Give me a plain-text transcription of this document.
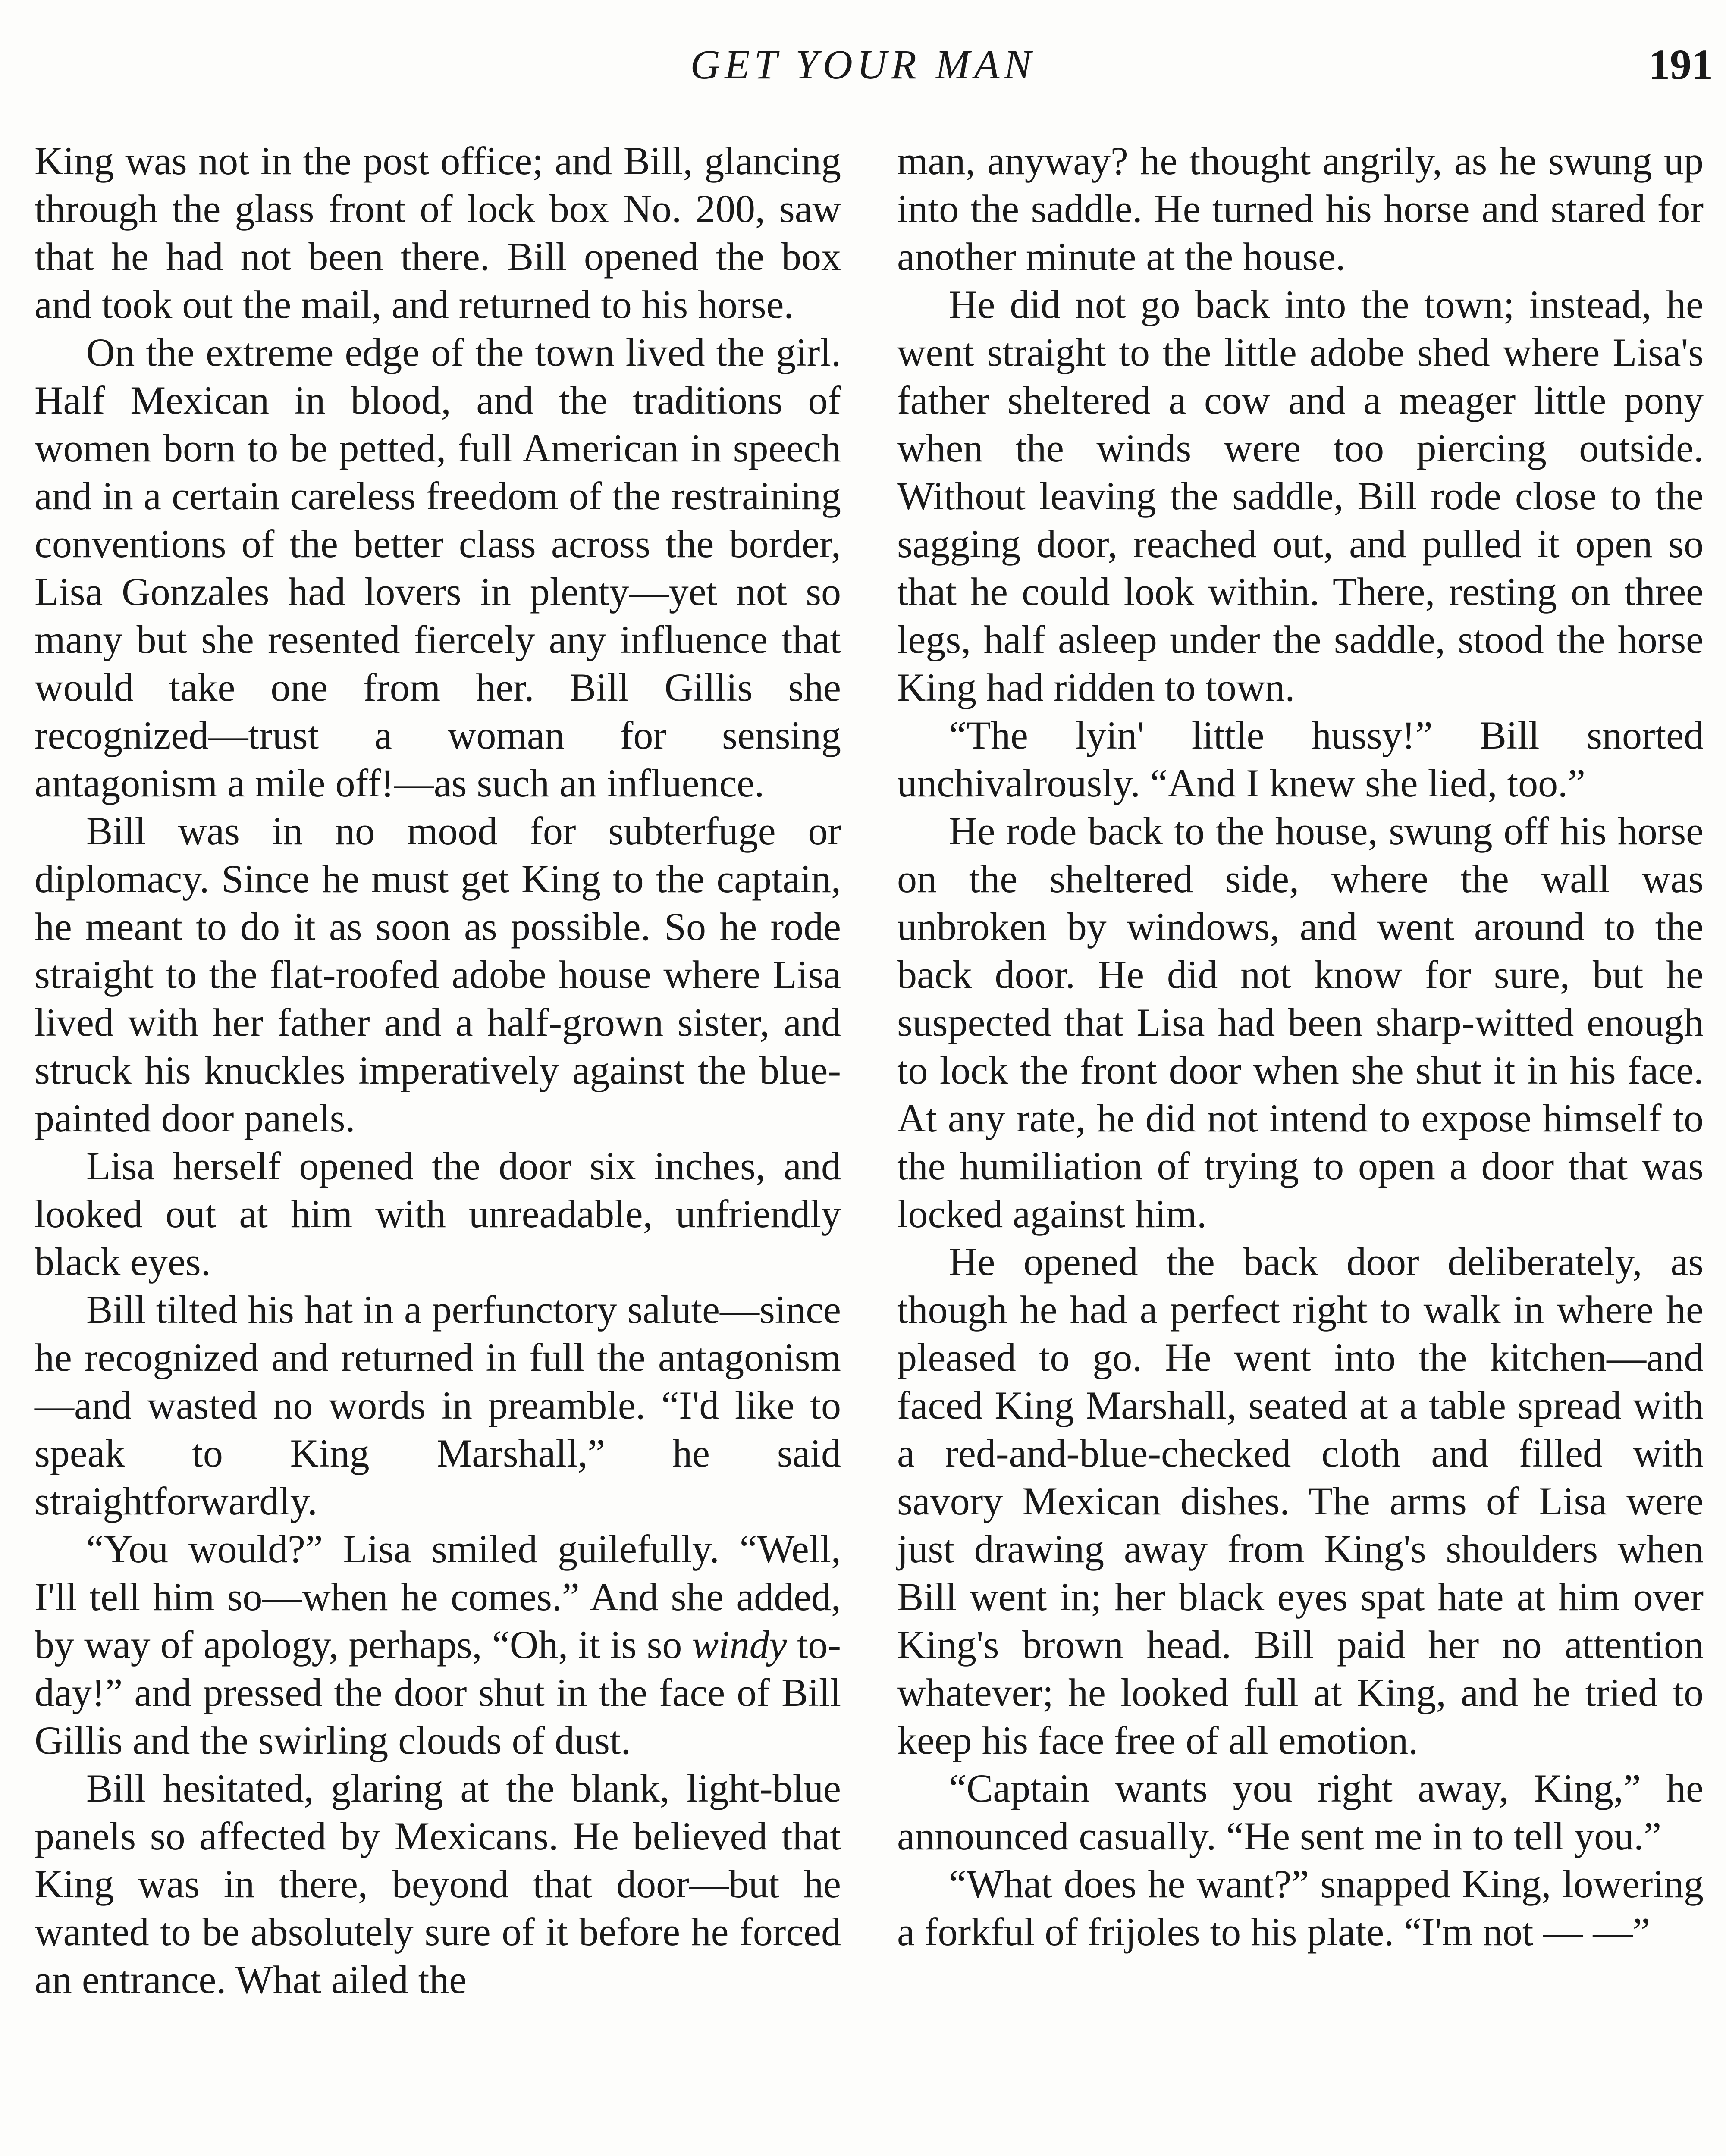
GET YOUR MAN	191

King was not in the post office; and Bill, glancing through the glass front of lock box No. 200, saw that he had not been there. Bill opened the box and took out the mail, and returned to his horse.

On the extreme edge of the town lived the girl. Half Mexican in blood, and the traditions of women born to be petted, full American in speech and in a certain careless freedom of the restraining conventions of the better class across the border, Lisa Gonzales had lovers in plenty—yet not so many but she resented fiercely any influence that would take one from her. Bill Gillis she recognized—trust a woman for sensing antagonism a mile off!—as such an influence.

Bill was in no mood for subterfuge or diplomacy. Since he must get King to the captain, he meant to do it as soon as possible. So he rode straight to the flat-roofed adobe house where Lisa lived with her father and a half-grown sister, and struck his knuckles imperatively against the blue-painted door panels.

Lisa herself opened the door six inches, and looked out at him with unreadable, unfriendly black eyes.

Bill tilted his hat in a perfunctory salute—since he recognized and returned in full the antagonism—and wasted no words in preamble. “I'd like to speak to King Marshall,” he said straightforwardly.

“You would?” Lisa smiled guilefully. “Well, I'll tell him so—when he comes.” And she added, by way of apology, perhaps, “Oh, it is so windy to-day!” and pressed the door shut in the face of Bill Gillis and the swirling clouds of dust.

Bill hesitated, glaring at the blank, light-blue panels so affected by Mexicans. He believed that King was in there, beyond that door—but he wanted to be absolutely sure of it before he forced an entrance. What ailed the

man, anyway? he thought angrily, as he swung up into the saddle. He turned his horse and stared for another minute at the house.

He did not go back into the town; instead, he went straight to the little adobe shed where Lisa's father sheltered a cow and a meager little pony when the winds were too piercing outside. Without leaving the saddle, Bill rode close to the sagging door, reached out, and pulled it open so that he could look within. There, resting on three legs, half asleep under the saddle, stood the horse King had ridden to town.

“The lyin' little hussy!” Bill snorted unchivalrously. “And I knew she lied, too.”

He rode back to the house, swung off his horse on the sheltered side, where the wall was unbroken by windows, and went around to the back door. He did not know for sure, but he suspected that Lisa had been sharp-witted enough to lock the front door when she shut it in his face. At any rate, he did not intend to expose himself to the humiliation of trying to open a door that was locked against him.

He opened the back door deliberately, as though he had a perfect right to walk in where he pleased to go. He went into the kitchen—and faced King Marshall, seated at a table spread with a red-and-blue-checked cloth and filled with savory Mexican dishes. The arms of Lisa were just drawing away from King's shoulders when Bill went in; her black eyes spat hate at him over King's brown head. Bill paid her no attention whatever; he looked full at King, and he tried to keep his face free of all emotion.

“Captain wants you right away, King,” he announced casually. “He sent me in to tell you.”

“What does he want?” snapped King, lowering a forkful of frijoles to his plate. “I'm not — —”
